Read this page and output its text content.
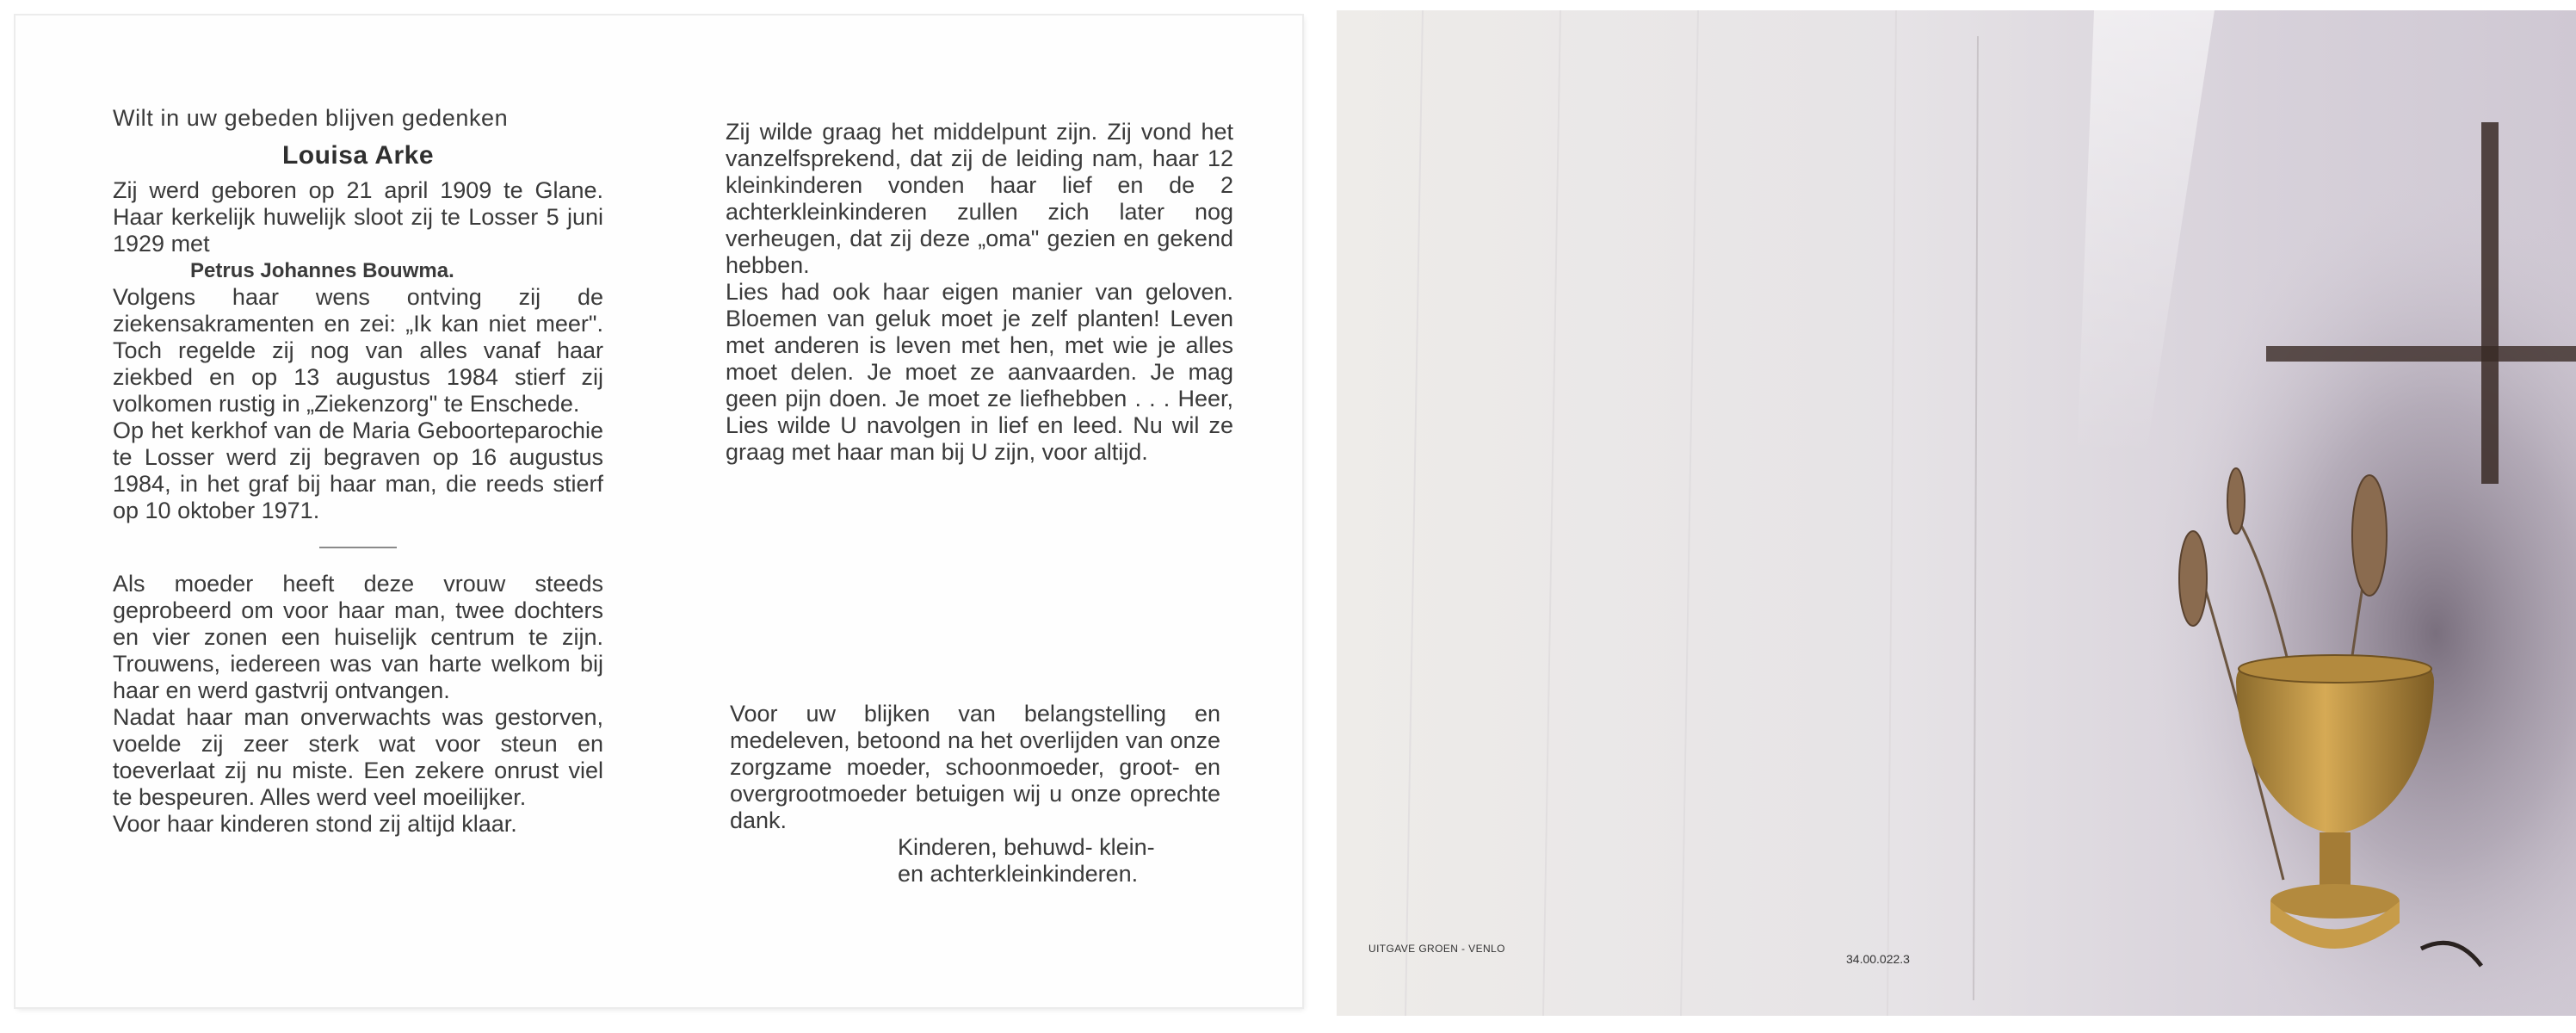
Wilt in uw gebeden blijven gedenken

Louisa Arke

Zij werd geboren op 21 april 1909 te Glane. Haar kerkelijk huwelijk sloot zij te Losser 5 juni 1929 met

Petrus Johannes Bouwma.

Volgens haar wens ontving zij de ziekensakramenten en zei: „Ik kan niet meer". Toch regelde zij nog van alles vanaf haar ziekbed en op 13 augustus 1984 stierf zij volkomen rustig in „Ziekenzorg" te Enschede.

Op het kerkhof van de Maria Geboorteparochie te Losser werd zij begraven op 16 augustus 1984, in het graf bij haar man, die reeds stierf op 10 oktober 1971.

Als moeder heeft deze vrouw steeds geprobeerd om voor haar man, twee dochters en vier zonen een huiselijk centrum te zijn. Trouwens, iedereen was van harte welkom bij haar en werd gastvrij ontvangen.

Nadat haar man onverwachts was gestorven, voelde zij zeer sterk wat voor steun en toeverlaat zij nu miste. Een zekere onrust viel te bespeuren. Alles werd veel moeilijker.

Voor haar kinderen stond zij altijd klaar.

Zij wilde graag het middelpunt zijn. Zij vond het vanzelfsprekend, dat zij de leiding nam, haar 12 kleinkinderen vonden haar lief en de 2 achterkleinkinderen zullen zich later nog verheugen, dat zij deze „oma" gezien en gekend hebben.

Lies had ook haar eigen manier van geloven. Bloemen van geluk moet je zelf planten! Leven met anderen is leven met hen, met wie je alles moet delen. Je moet ze aanvaarden. Je mag geen pijn doen. Je moet ze liefhebben . . . Heer, Lies wilde U navolgen in lief en leed. Nu wil ze graag met haar man bij U zijn, voor altijd.

Voor uw blijken van belangstelling en medeleven, betoond na het overlijden van onze zorgzame moeder, schoonmoeder, groot- en overgrootmoeder betuigen wij u onze oprechte dank.

Kinderen, behuwd- klein-

en achterkleinkinderen.

UITGAVE GROEN - VENLO
34.00.022.3
